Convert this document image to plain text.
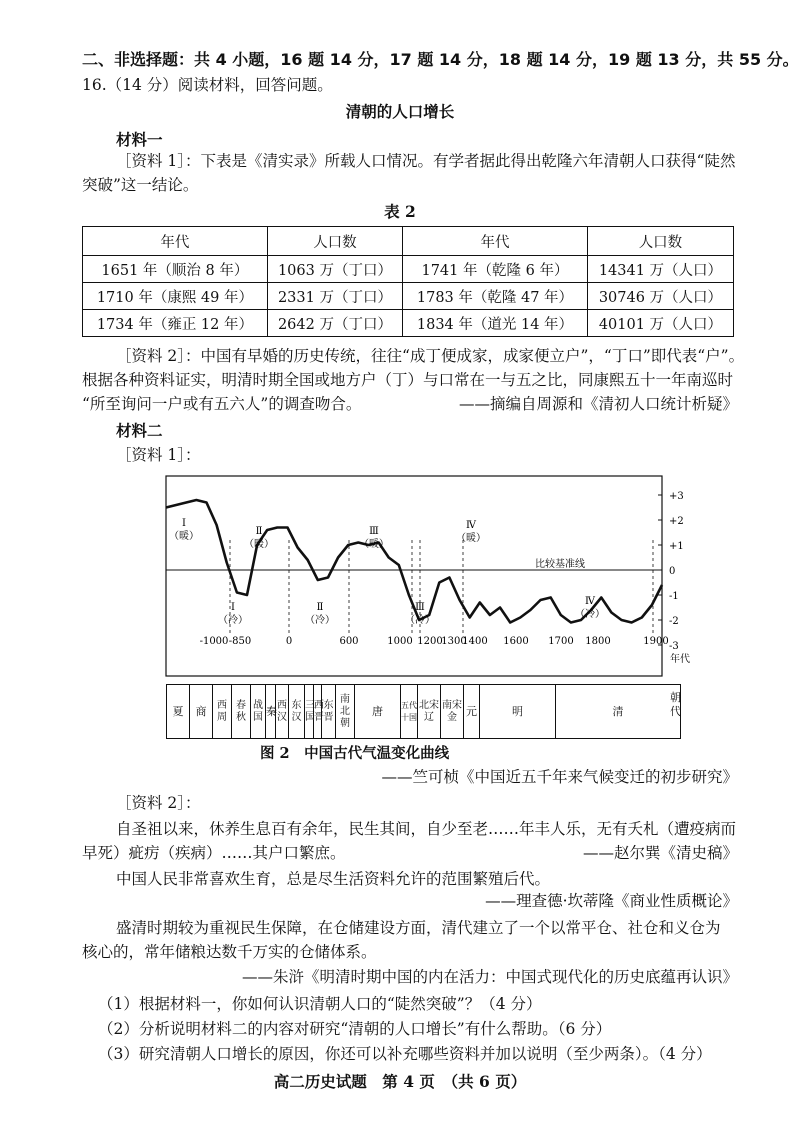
二、非选择题：共 4 小题，16 题 14 分，17 题 14 分，18 题 14 分，19 题 13 分，共 55 分。
16.（14 分）阅读材料，回答问题。
清朝的人口增长
材料一
［资料 1］：下表是《清实录》所载人口情况。有学者据此得出乾隆六年清朝人口获得“陡然
突破”这一结论。
表 2
年代	人口数	年代	人口数
1651 年（顺治 8 年）	1063 万（丁口）	1741 年（乾隆 6 年）	14341 万（人口）
1710 年（康熙 49 年）	2331 万（丁口）	1783 年（乾隆 47 年）	30746 万（人口）
1734 年（雍正 12 年）	2642 万（丁口）	1834 年（道光 14 年）	40101 万（人口）
［资料 2］：中国有早婚的历史传统，往往“成丁便成家，成家便立户”，“丁口”即代表“户”。
根据各种资料证实，明清时期全国或地方户（丁）与口常在一与五之比，同康熙五十一年南巡时
“所至询问一户或有五六人”的调查吻合。	——摘编自周源和《清初人口统计析疑》
材料二
［资料 1］：
+3
+2
+1
0
-1
-2
-3
比较基准线
Ⅰ
（暖）	Ⅱ
（暖）
Ⅲ
（暖）
Ⅳ
（暖）
Ⅰ
（冷）
Ⅱ
（冷）
Ⅲ
（冷）
Ⅳ
（冷）
-1000 -850	0	600	1000 1200
1300
1400 1600 1700 1800	1900
年代
夏	商	西周	春秋	战国	秦	西汉	东汉	三国	西晋	东晋	南北朝	唐	五代十国	北宋辽	南宋金	元	明	清
朝代
图 2　中国古代气温变化曲线
——竺可桢《中国近五千年来气候变迁的初步研究》
［资料 2］：
自圣祖以来，休养生息百有余年，民生其间，自少至老……年丰人乐，无有夭札（遭疫病而
早死）疵疠（疾病）……其户口繁庶。	——赵尔巽《清史稿》
中国人民非常喜欢生育，总是尽生活资料允许的范围繁殖后代。
——理查德·坎蒂隆《商业性质概论》
盛清时期较为重视民生保障，在仓储建设方面，清代建立了一个以常平仓、社仓和义仓为
核心的，常年储粮达数千万实的仓储体系。
——朱浒《明清时期中国的内在活力：中国式现代化的历史底蕴再认识》
（1）根据材料一，你如何认识清朝人口的“陡然突破”？（4 分）
（2）分析说明材料二的内容对研究“清朝的人口增长”有什么帮助。（6 分）
（3）研究清朝人口增长的原因，你还可以补充哪些资料并加以说明（至少两条）。（4 分）
高二历史试题　第 4 页　（共 6 页）
